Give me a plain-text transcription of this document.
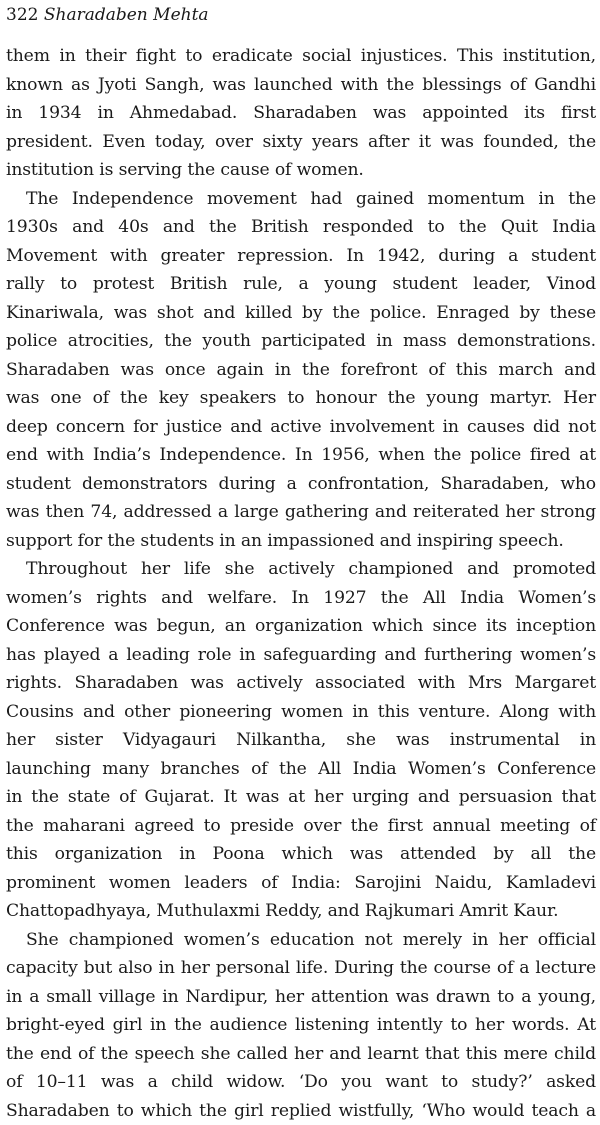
322 Sharadaben Mehta
them in their fight to eradicate social injustices. This institution,
known as Jyoti Sangh, was launched with the blessings of Gandhi
in 1934 in Ahmedabad. Sharadaben was appointed its first
president. Even today, over sixty years after it was founded, the
institution is serving the cause of women.
The Independence movement had gained momentum in the
1930s and 40s and the British responded to the Quit India
Movement with greater repression. In 1942, during a student
rally to protest British rule, a young student leader, Vinod
Kinariwala, was shot and killed by the police. Enraged by these
police atrocities, the youth participated in mass demonstrations.
Sharadaben was once again in the forefront of this march and
was one of the key speakers to honour the young martyr. Her
deep concern for justice and active involvement in causes did not
end with India’s Independence. In 1956, when the police fired at
student demonstrators during a confrontation, Sharadaben, who
was then 74, addressed a large gathering and reiterated her strong
support for the students in an impassioned and inspiring speech.
Throughout her life she actively championed and promoted
women’s rights and welfare. In 1927 the All India Women’s
Conference was begun, an organization which since its inception
has played a leading role in safeguarding and furthering women’s
rights. Sharadaben was actively associated with Mrs Margaret
Cousins and other pioneering women in this venture. Along with
her sister Vidyagauri Nilkantha, she was instrumental in
launching many branches of the All India Women’s Conference
in the state of Gujarat. It was at her urging and persuasion that
the maharani agreed to preside over the first annual meeting of
this organization in Poona which was attended by all the
prominent women leaders of India: Sarojini Naidu, Kamladevi
Chattopadhyaya, Muthulaxmi Reddy, and Rajkumari Amrit Kaur.
She championed women’s education not merely in her official
capacity but also in her personal life. During the course of a lecture
in a small village in Nardipur, her attention was drawn to a young,
bright-eyed girl in the audience listening intently to her words. At
the end of the speech she called her and learnt that this mere child
of 10–11 was a child widow. ‘Do you want to study?’ asked
Sharadaben to which the girl replied wistfully, ‘Who would teach a
